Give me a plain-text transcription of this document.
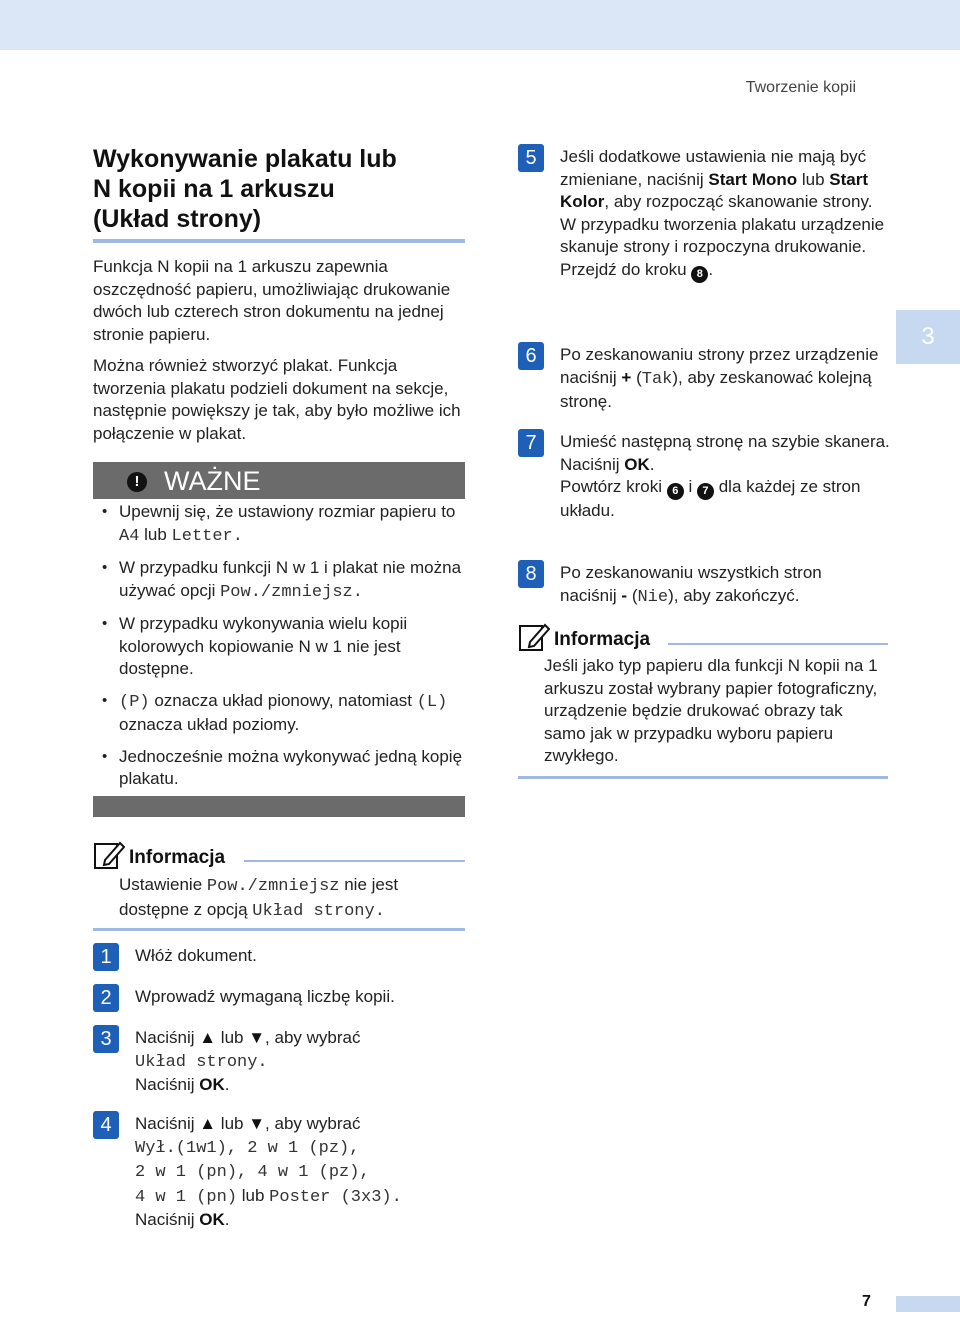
Tworzenie kopii
3
Wykonywanie plakatu lub
N kopii na 1 arkuszu
(Układ strony)
Funkcja N kopii na 1 arkuszu zapewnia oszczędność papieru, umożliwiając drukowanie dwóch lub czterech stron dokumentu na jednej stronie papieru.
Można również stworzyć plakat. Funkcja tworzenia plakatu podzieli dokument na sekcje, następnie powiększy je tak, aby było możliwe ich połączenie w plakat.
! WAŻNE
• Upewnij się, że ustawiony rozmiar papieru to A4 lub Letter.
• W przypadku funkcji N w 1 i plakat nie można używać opcji Pow./zmniejsz.
• W przypadku wykonywania wielu kopii kolorowych kopiowanie N w 1 nie jest dostępne.
• (P) oznacza układ pionowy, natomiast (L) oznacza układ poziomy.
• Jednocześnie można wykonywać jedną kopię plakatu.
Informacja
Ustawienie Pow./zmniejsz nie jest dostępne z opcją Układ strony.
1	Włóż dokument.
2	Wprowadź wymaganą liczbę kopii.
3	Naciśnij ▲ lub ▼, aby wybrać
Układ strony.
Naciśnij OK.
4	Naciśnij ▲ lub ▼, aby wybrać
Wył.(1w1), 2 w 1 (pz),
2 w 1 (pn), 4 w 1 (pz),
4 w 1 (pn) lub Poster (3x3).
Naciśnij OK.
5	Jeśli dodatkowe ustawienia nie mają być zmieniane, naciśnij Start Mono lub Start Kolor, aby rozpocząć skanowanie strony.
W przypadku tworzenia plakatu urządzenie skanuje strony i rozpoczyna drukowanie.
Przejdź do kroku 8 .
6	Po zeskanowaniu strony przez urządzenie naciśnij + (Tak), aby zeskanować kolejną stronę.
7	Umieść następną stronę na szybie skanera.
Naciśnij OK.
Powtórz kroki 6 i 7 dla każdej ze stron układu.
8	Po zeskanowaniu wszystkich stron naciśnij - (Nie), aby zakończyć.
Informacja
Jeśli jako typ papieru dla funkcji N kopii na 1 arkuszu został wybrany papier fotograficzny, urządzenie będzie drukować obrazy tak samo jak w przypadku wyboru papieru zwykłego.
7
